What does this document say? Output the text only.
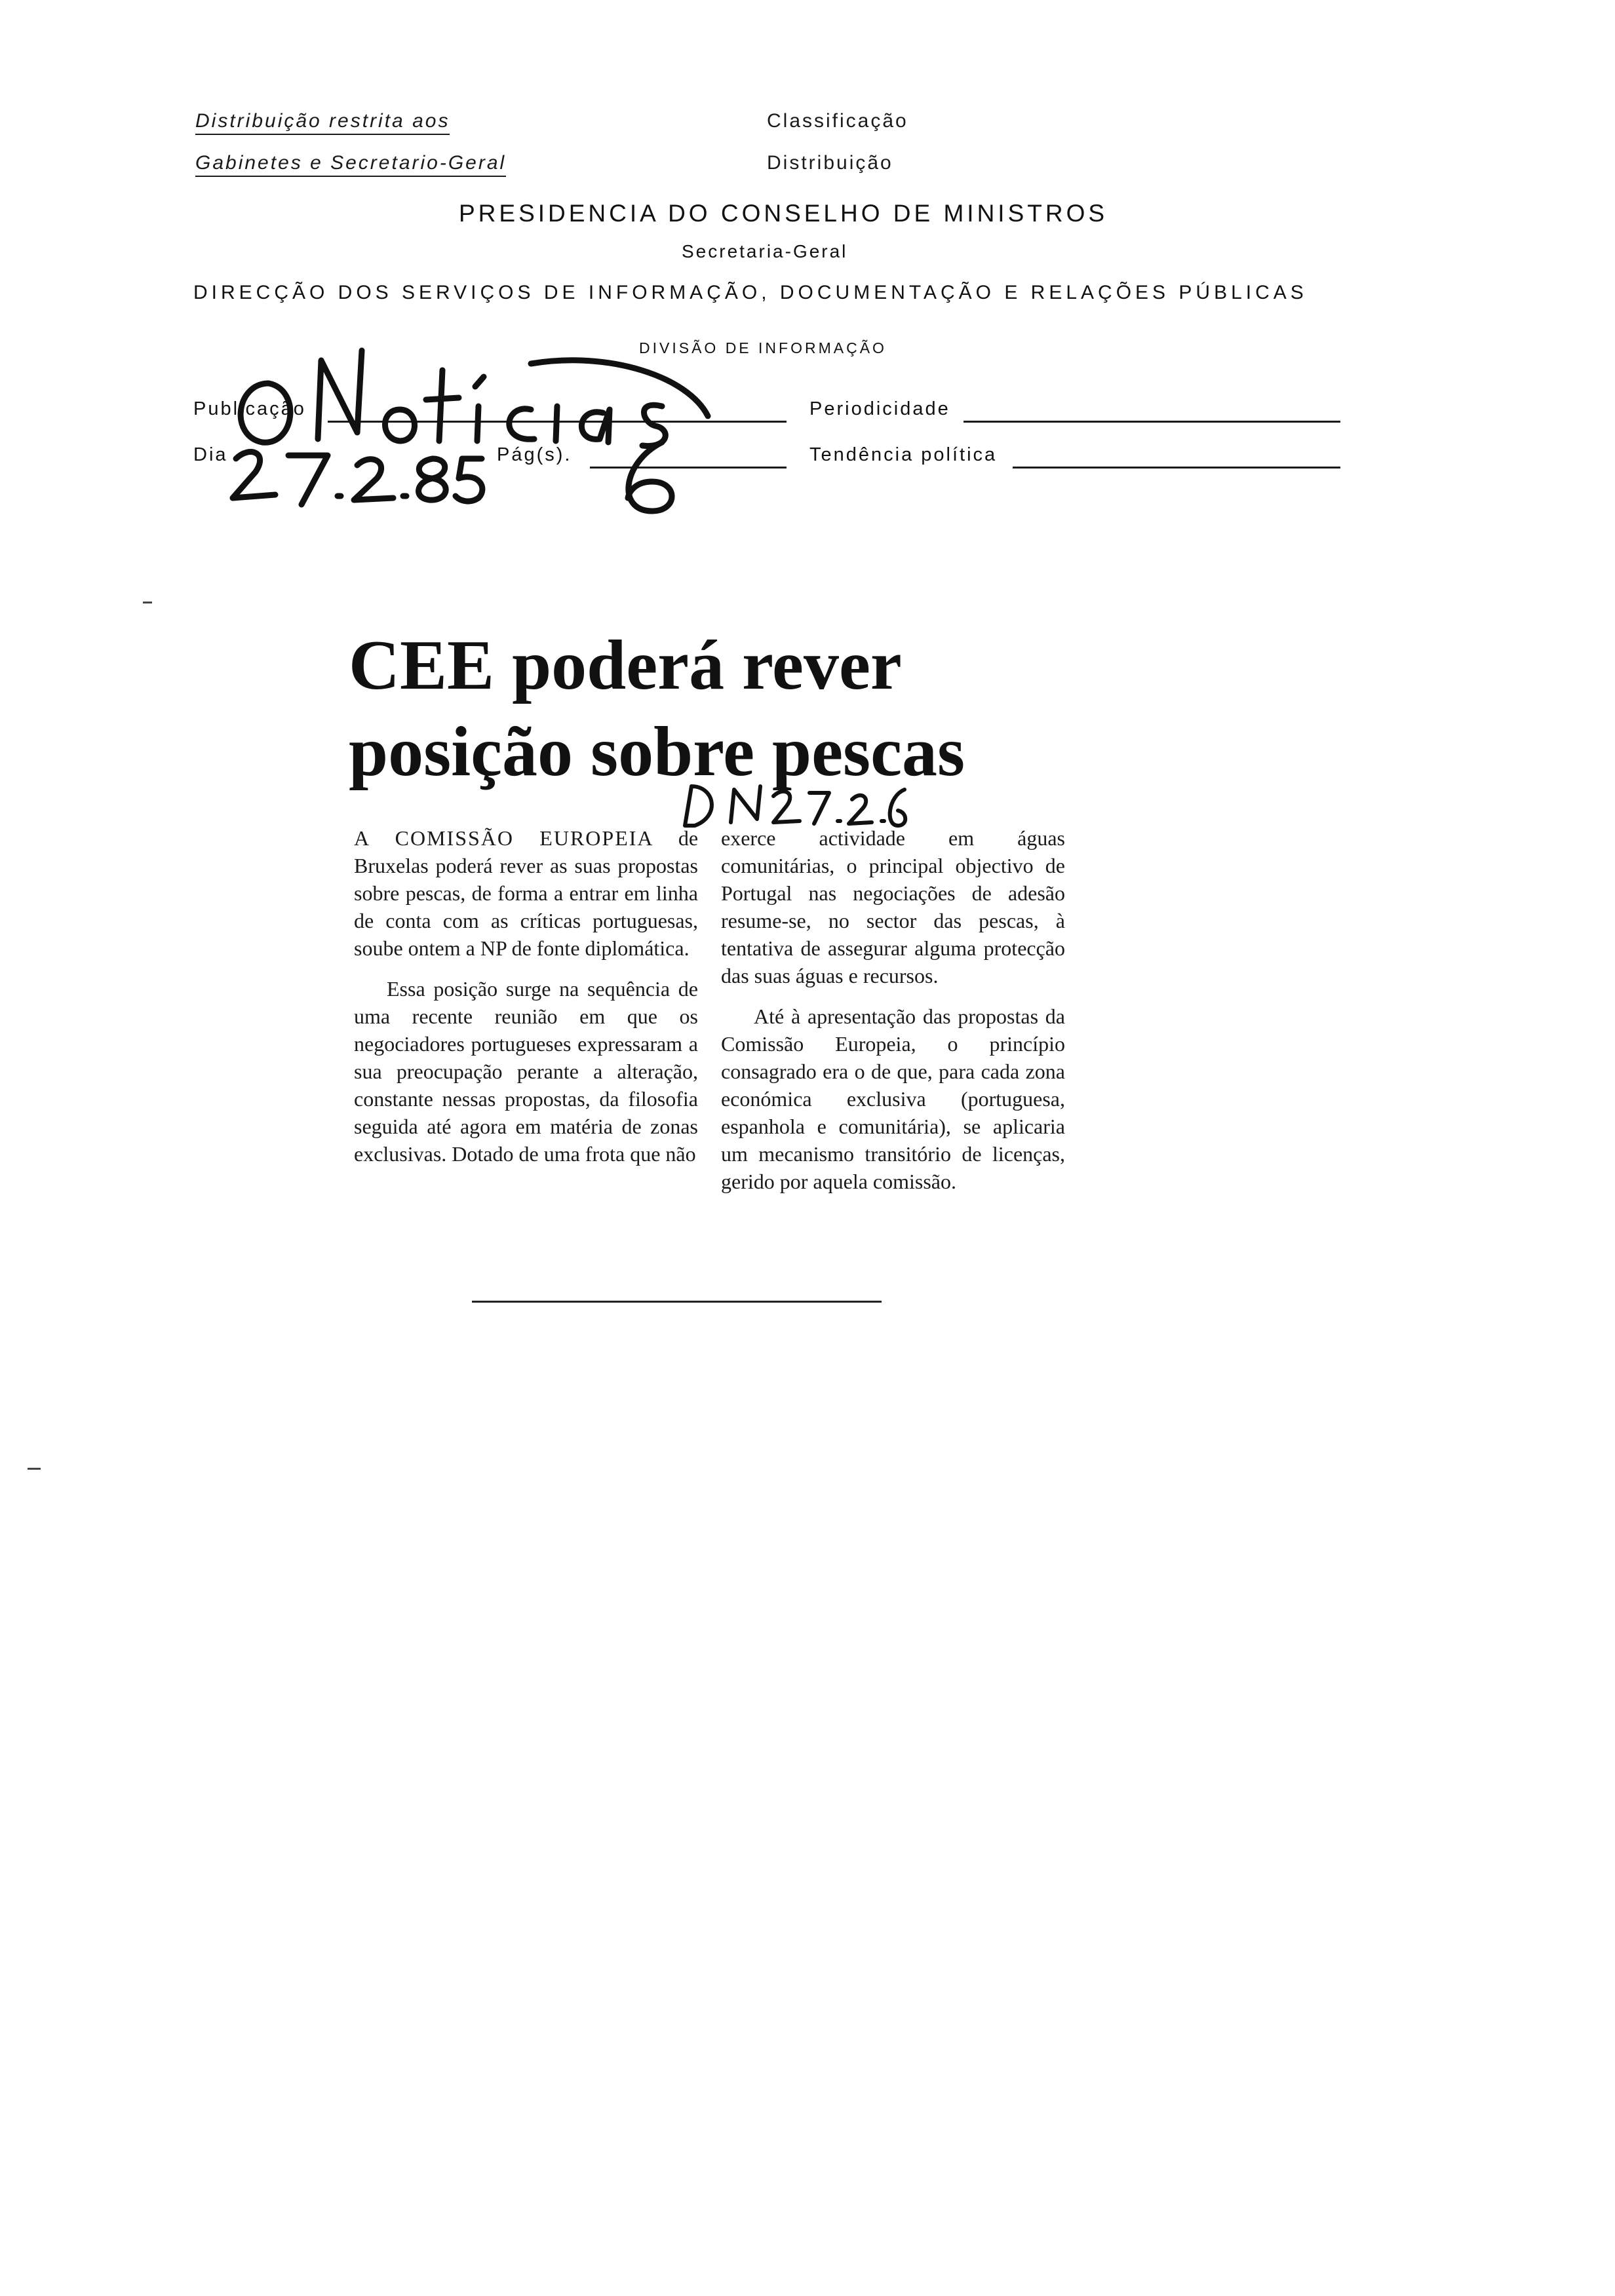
Distribuição restrita aos
Gabinetes e Secretario-Geral
Classificação
Distribuição
PRESIDENCIA DO CONSELHO DE MINISTROS
Secretaria-Geral
DIRECÇÃO DOS SERVIÇOS DE INFORMAÇÃO, DOCUMENTAÇÃO E RELAÇÕES PÚBLICAS
DIVISÃO DE INFORMAÇÃO
Publicação	Periodicidade
Dia	Pág(s).	Tendência política
CEE poderá rever posição sobre pescas

A COMISSÃO EUROPEIA de Bruxelas poderá rever as suas propostas sobre pescas, de forma a entrar em linha de conta com as críticas portuguesas, soube ontem a NP de fonte diplomática.

Essa posição surge na sequência de uma recente reunião em que os negociadores portugueses expressaram a sua preocupação perante a alteração, constante nessas propostas, da filosofia seguida até agora em matéria de zonas exclusivas. Dotado de uma frota que não

exerce actividade em águas comunitárias, o principal objectivo de Portugal nas negociações de adesão resume-se, no sector das pescas, à tentativa de assegurar alguma protecção das suas águas e recursos.

Até à apresentação das propostas da Comissão Europeia, o princípio consagrado era o de que, para cada zona económica exclusiva (portuguesa, espanhola e comunitária), se aplicaria um mecanismo transitório de licenças, gerido por aquela comissão.
